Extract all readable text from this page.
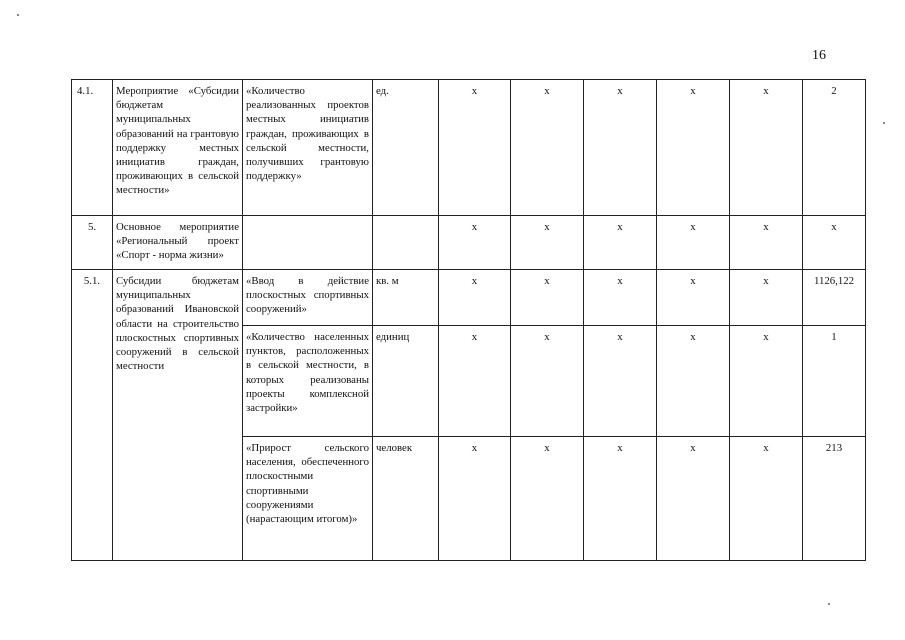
16
4.1.	Мероприятие «Субсидии бюджетам муниципальных образований на грантовую поддержку местных инициатив граждан, проживающих в сельской местности»	«Количество реализованных проектов местных инициатив граждан, проживающих в сельской местности, получивших грантовую поддержку»	ед.	х	х	х	х	х	2
5.	Основное мероприятие «Региональный проект «Спорт - норма жизни»			х	х	х	х	х	х
5.1.	Субсидии бюджетам муниципальных образований Ивановской области на строительство плоскостных спортивных сооружений в сельской местности	«Ввод в действие плоскостных спортивных сооружений»	кв. м	х	х	х	х	х	1126,122
		«Количество населенных пунктов, расположенных в сельской местности, в которых реализованы проекты комплексной застройки»	единиц	х	х	х	х	х	1
		«Прирост сельского населения, обеспеченного плоскостными спортивными сооружениями (нарастающим итогом)»	человек	х	х	х	х	х	213
